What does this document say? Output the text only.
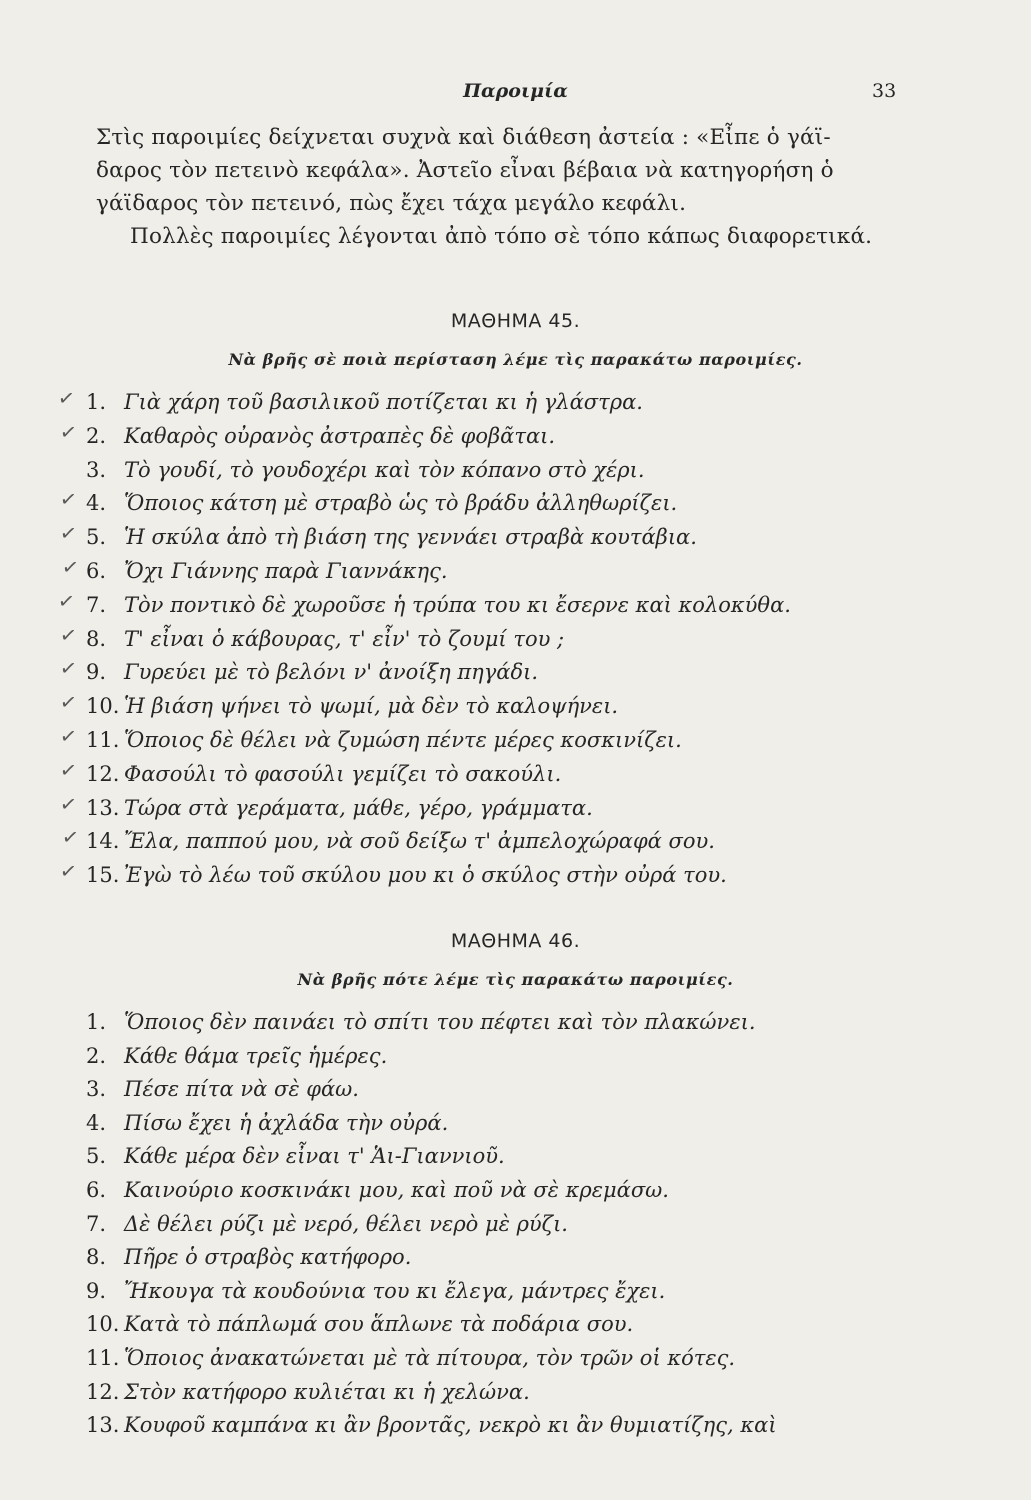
Παροιμία	33
Στὶς παροιμίες δείχνεται συχνὰ καὶ διάθεση ἀστεία : «Εἶπε ὁ γάϊ-
δαρος τὸν πετεινὸ κεφάλα». Ἀστεῖο εἶναι βέβαια νὰ κατηγορήση ὁ
γάϊδαρος τὸν πετεινό, πὼς ἔχει τάχα μεγάλο κεφάλι.
Πολλὲς παροιμίες λέγονται ἀπὸ τόπο σὲ τόπο κάπως διαφορετικά.
ΜΑΘΗΜΑ 45.
Νὰ βρῆς σὲ ποιὰ περίσταση λέμε τὶς παρακάτω παροιμίες.
1. Γιὰ χάρη τοῦ βασιλικοῦ ποτίζεται κι ἡ γλάστρα.
✓
2. Καθαρὸς οὐρανὸς ἀστραπὲς δὲ φοβᾶται.
✓
3. Τὸ γουδί, τὸ γουδοχέρι καὶ τὸν κόπανο στὸ χέρι.
4. Ὅποιος κάτση μὲ στραβὸ ὡς τὸ βράδυ ἀλληθωρίζει.
✓
5. Ἡ σκύλα ἀπὸ τὴ βιάση της γεννάει στραβὰ κουτάβια.
✓
6. Ὄχι Γιάννης παρὰ Γιαννάκης.
✓
7. Τὸν ποντικὸ δὲ χωροῦσε ἡ τρύπα του κι ἔσερνε καὶ κολοκύθα.
✓
8. Τ' εἶναι ὁ κάβουρας, τ' εἶν' τὸ ζουμί του ;
✓
9. Γυρεύει μὲ τὸ βελόνι ν' ἀνοίξη πηγάδι.
✓
10. Ἡ βιάση ψήνει τὸ ψωμί, μὰ δὲν τὸ καλοψήνει.
✓
11. Ὅποιος δὲ θέλει νὰ ζυμώση πέντε μέρες κοσκινίζει.
✓
12. Φασούλι τὸ φασούλι γεμίζει τὸ σακούλι.
✓
13. Τώρα στὰ γεράματα, μάθε, γέρο, γράμματα.
✓
14. Ἔλα, παππού μου, νὰ σοῦ δείξω τ' ἀμπελοχώραφά σου.
✓
15. Ἐγὼ τὸ λέω τοῦ σκύλου μου κι ὁ σκύλος στὴν οὐρά του.
✓
ΜΑΘΗΜΑ 46.
Νὰ βρῆς πότε λέμε τὶς παρακάτω παροιμίες.
1. Ὅποιος δὲν παινάει τὸ σπίτι του πέφτει καὶ τὸν πλακώνει.
2. Κάθε θάμα τρεῖς ἡμέρες.
3. Πέσε πίτα νὰ σὲ φάω.
4. Πίσω ἔχει ἡ ἀχλάδα τὴν οὐρά.
5. Κάθε μέρα δὲν εἶναι τ' Ἁι-Γιαννιοῦ.
6. Καινούριο κοσκινάκι μου, καὶ ποῦ νὰ σὲ κρεμάσω.
7. Δὲ θέλει ρύζι μὲ νερό, θέλει νερὸ μὲ ρύζι.
8. Πῆρε ὁ στραβὸς κατήφορο.
9. Ἤκουγα τὰ κουδούνια του κι ἔλεγα, μάντρες ἔχει.
10. Κατὰ τὸ πάπλωμά σου ἅπλωνε τὰ ποδάρια σου.
11. Ὅποιος ἀνακατώνεται μὲ τὰ πίτουρα, τὸν τρῶν οἱ κότες.
12. Στὸν κατήφορο κυλιέται κι ἡ χελώνα.
13. Κουφοῦ καμπάνα κι ἂν βροντᾶς, νεκρὸ κι ἂν θυμιατίζης, καὶ
